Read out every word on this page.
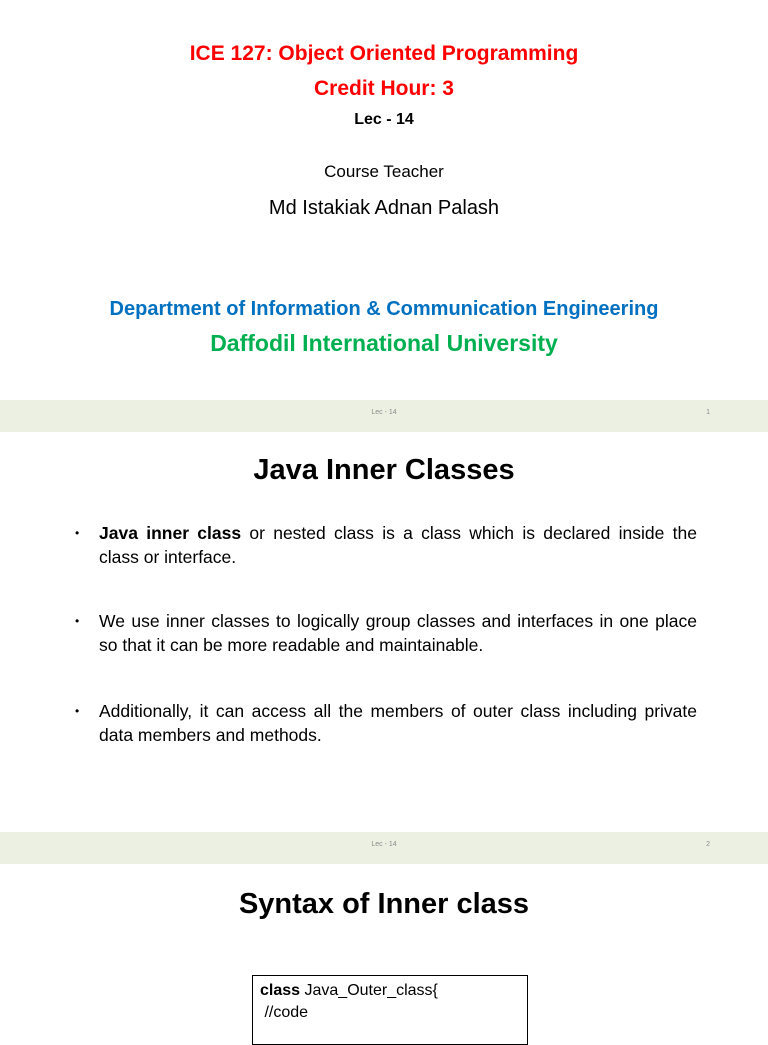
ICE 127: Object Oriented Programming
Credit Hour: 3
Lec - 14
Course Teacher
Md Istakiak Adnan Palash
Department of Information & Communication Engineering
Daffodil International University
Lec - 14	1
Java Inner Classes
• Java inner class or nested class is a class which is declared inside the class or interface.
• We use inner classes to logically group classes and interfaces in one place so that it can be more readable and maintainable.
• Additionally, it can access all the members of outer class including private data members and methods.
Lec - 14	2
Syntax of Inner class
class Java_Outer_class{
//code
